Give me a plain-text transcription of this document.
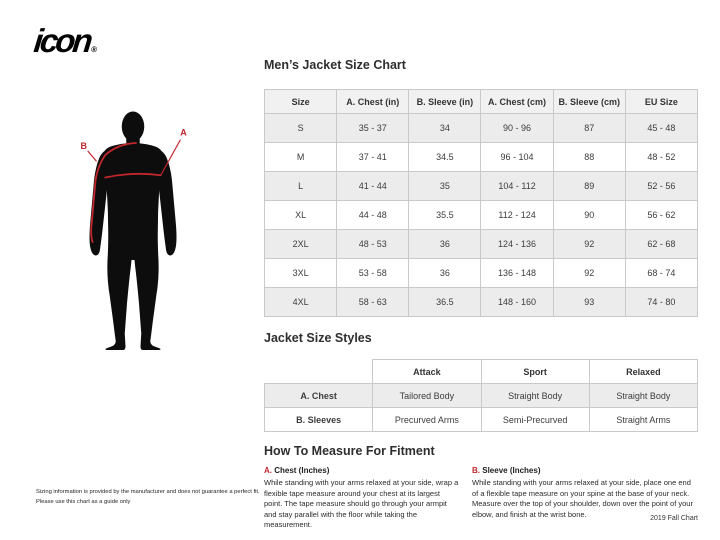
icon®
A
B
Men’s Jacket Size Chart
Size	A. Chest (in)	B. Sleeve (in)	A. Chest (cm)	B. Sleeve (cm)	EU Size
S	35 - 37	34	90 - 96	87	45 - 48
M	37 - 41	34.5	96 - 104	88	48 - 52
L	41 - 44	35	104 - 112	89	52 - 56
XL	44 - 48	35.5	112 - 124	90	56 - 62
2XL	48 - 53	36	124 - 136	92	62 - 68
3XL	53 - 58	36	136 - 148	92	68 - 74
4XL	58 - 63	36.5	148 - 160	93	74 - 80
Jacket Size Styles
	Attack	Sport	Relaxed
A. Chest	Tailored Body	Straight Body	Straight Body
B. Sleeves	Precurved Arms	Semi-Precurved	Straight Arms
How To Measure For Fitment
A. Chest (Inches)
While standing with your arms relaxed at your side, wrap a flexible tape measure around your chest at its largest point. The tape measure should go through your armpit and stay parallel with the floor while taking the measurement.
B. Sleeve (Inches)
While standing with your arms relaxed at your side, place one end of a flexible tape measure on your spine at the base of your neck. Measure over the top of your shoulder, down over the point of your elbow, and finish at the wrist bone.
Sizing information is provided by the manufacturer and does not guarantee a perfect fit.
Please use this chart as a guide only
2019 Fall Chart
